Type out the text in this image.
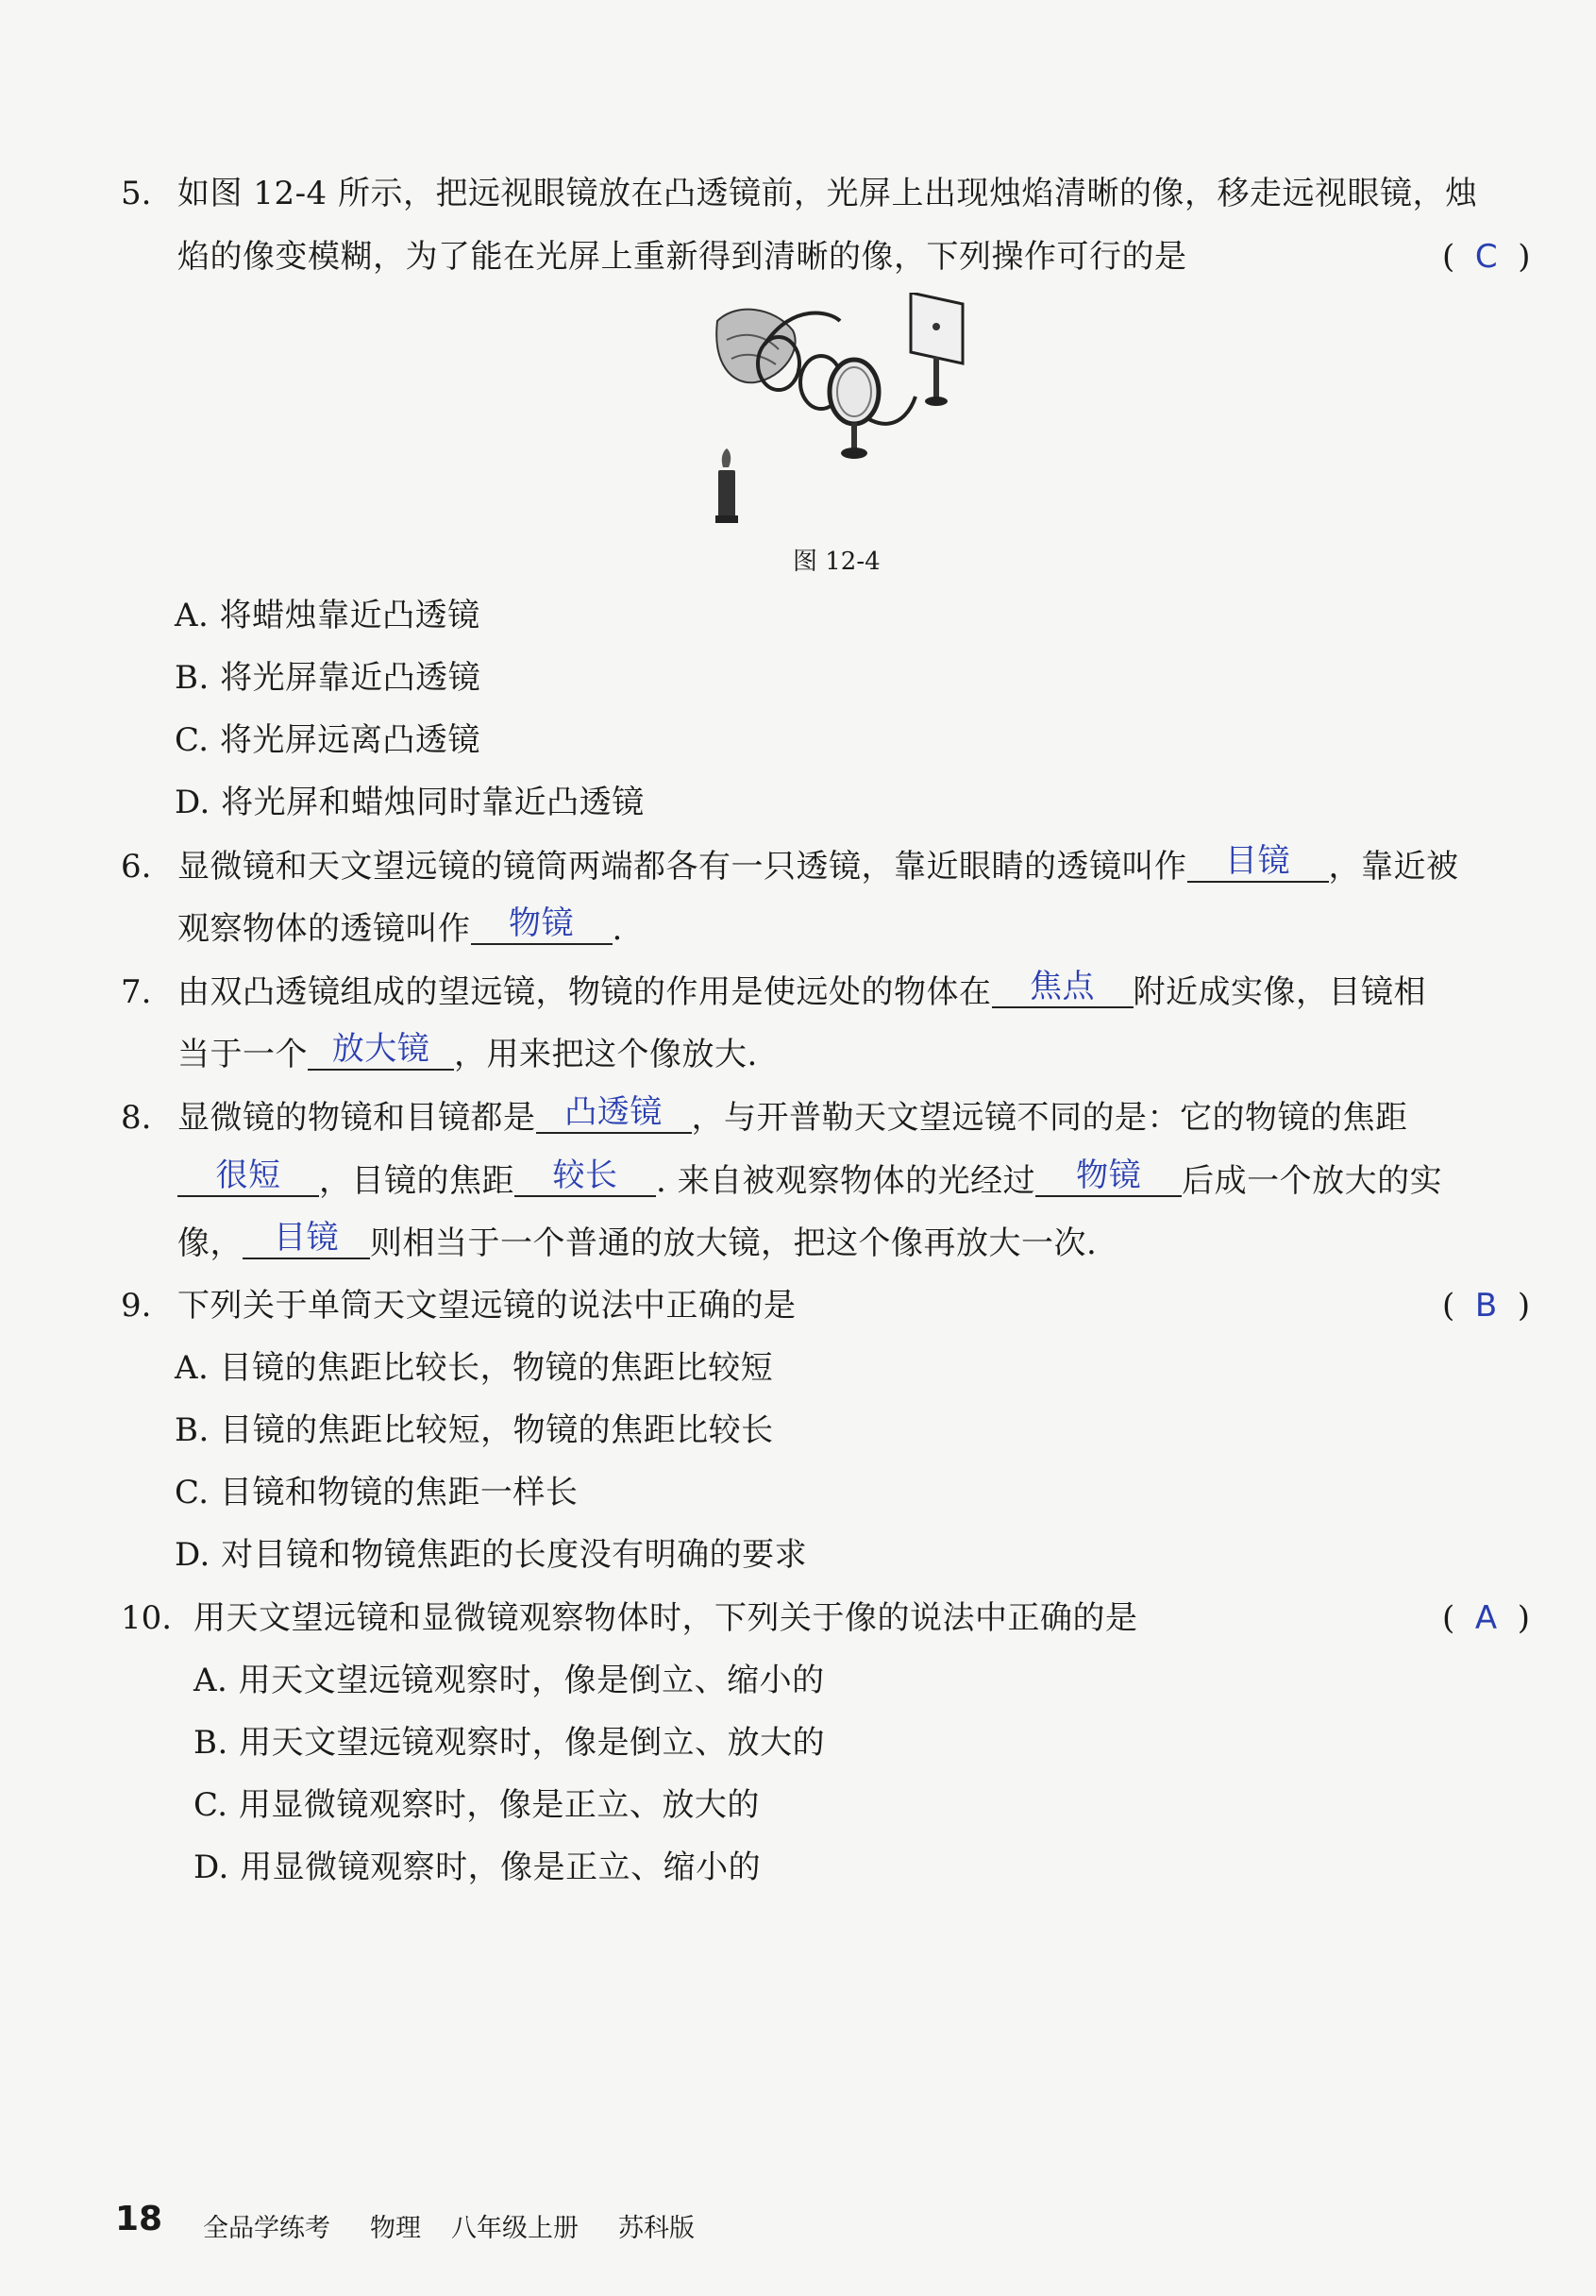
5. 如图 12-4 所示，把远视眼镜放在凸透镜前，光屏上出现烛焰清晰的像，移走远视眼镜，烛
焰的像变模糊，为了能在光屏上重新得到清晰的像，下列操作可行的是	(  C  )
图 12-4
A. 将蜡烛靠近凸透镜
B. 将光屏靠近凸透镜
C. 将光屏远离凸透镜
D. 将光屏和蜡烛同时靠近凸透镜
6. 显微镜和天文望远镜的镜筒两端都各有一只透镜，靠近眼睛的透镜叫作 目镜 ，靠近被
观察物体的透镜叫作 物镜 .
7. 由双凸透镜组成的望远镜，物镜的作用是使远处的物体在 焦点 附近成实像，目镜相
当于一个 放大镜 ，用来把这个像放大.
8. 显微镜的物镜和目镜都是 凸透镜 ，与开普勒天文望远镜不同的是：它的物镜的焦距
很短 ，目镜的焦距 较长 . 来自被观察物体的光经过 物镜 后成一个放大的实
像， 目镜 则相当于一个普通的放大镜，把这个像再放大一次.
9. 下列关于单筒天文望远镜的说法中正确的是	(  B  )
A. 目镜的焦距比较长，物镜的焦距比较短
B. 目镜的焦距比较短，物镜的焦距比较长
C. 目镜和物镜的焦距一样长
D. 对目镜和物镜焦距的长度没有明确的要求
10. 用天文望远镜和显微镜观察物体时，下列关于像的说法中正确的是	(  A  )
A. 用天文望远镜观察时，像是倒立、缩小的
B. 用天文望远镜观察时，像是倒立、放大的
C. 用显微镜观察时，像是正立、放大的
D. 用显微镜观察时，像是正立、缩小的
18 全品学练考 物理 八年级上册 苏科版
